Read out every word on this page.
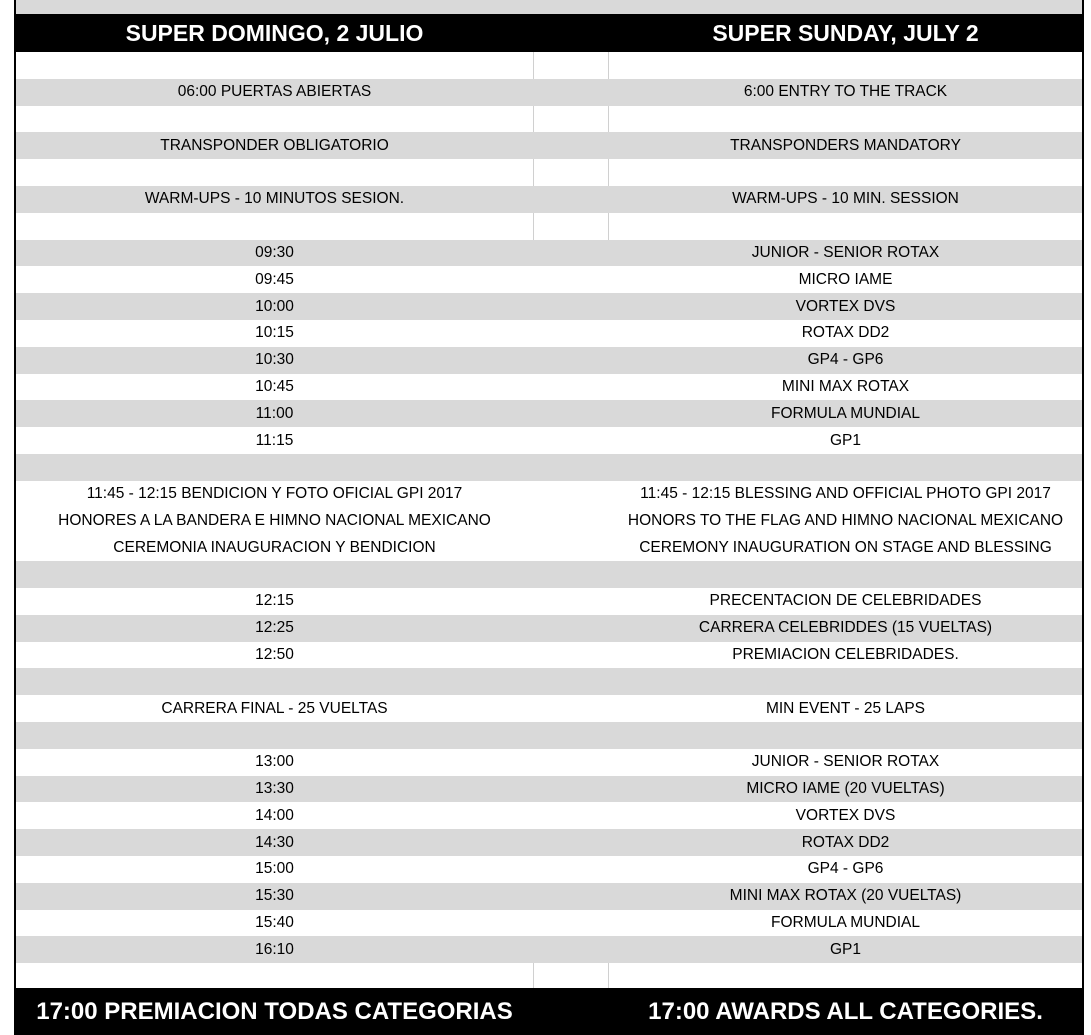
SUPER DOMINGO, 2 JULIO	SUPER SUNDAY, JULY 2
06:00 PUERTAS ABIERTAS	6:00 ENTRY TO THE TRACK
TRANSPONDER OBLIGATORIO	TRANSPONDERS MANDATORY
WARM-UPS - 10 MINUTOS SESION.	WARM-UPS - 10 MIN. SESSION
09:30	JUNIOR - SENIOR ROTAX
09:45	MICRO IAME
10:00	VORTEX DVS
10:15	ROTAX DD2
10:30	GP4 - GP6
10:45	MINI MAX ROTAX
11:00	FORMULA MUNDIAL
11:15	GP1
11:45 - 12:15 BENDICION Y FOTO OFICIAL GPI 2017	11:45 - 12:15 BLESSING AND OFFICIAL PHOTO GPI 2017
HONORES A LA BANDERA E HIMNO NACIONAL MEXICANO	HONORS TO THE FLAG AND HIMNO NACIONAL MEXICANO
CEREMONIA INAUGURACION Y BENDICION	CEREMONY INAUGURATION ON STAGE AND BLESSING
12:15	PRECENTACION DE CELEBRIDADES
12:25	CARRERA CELEBRIDDES (15 VUELTAS)
12:50	PREMIACION CELEBRIDADES.
CARRERA FINAL - 25 VUELTAS	MIN EVENT - 25 LAPS
13:00	JUNIOR - SENIOR ROTAX
13:30	MICRO IAME (20 VUELTAS)
14:00	VORTEX DVS
14:30	ROTAX DD2
15:00	GP4 - GP6
15:30	MINI MAX ROTAX (20 VUELTAS)
15:40	FORMULA MUNDIAL
16:10	GP1
17:00 PREMIACION TODAS CATEGORIAS	17:00 AWARDS ALL CATEGORIES.
